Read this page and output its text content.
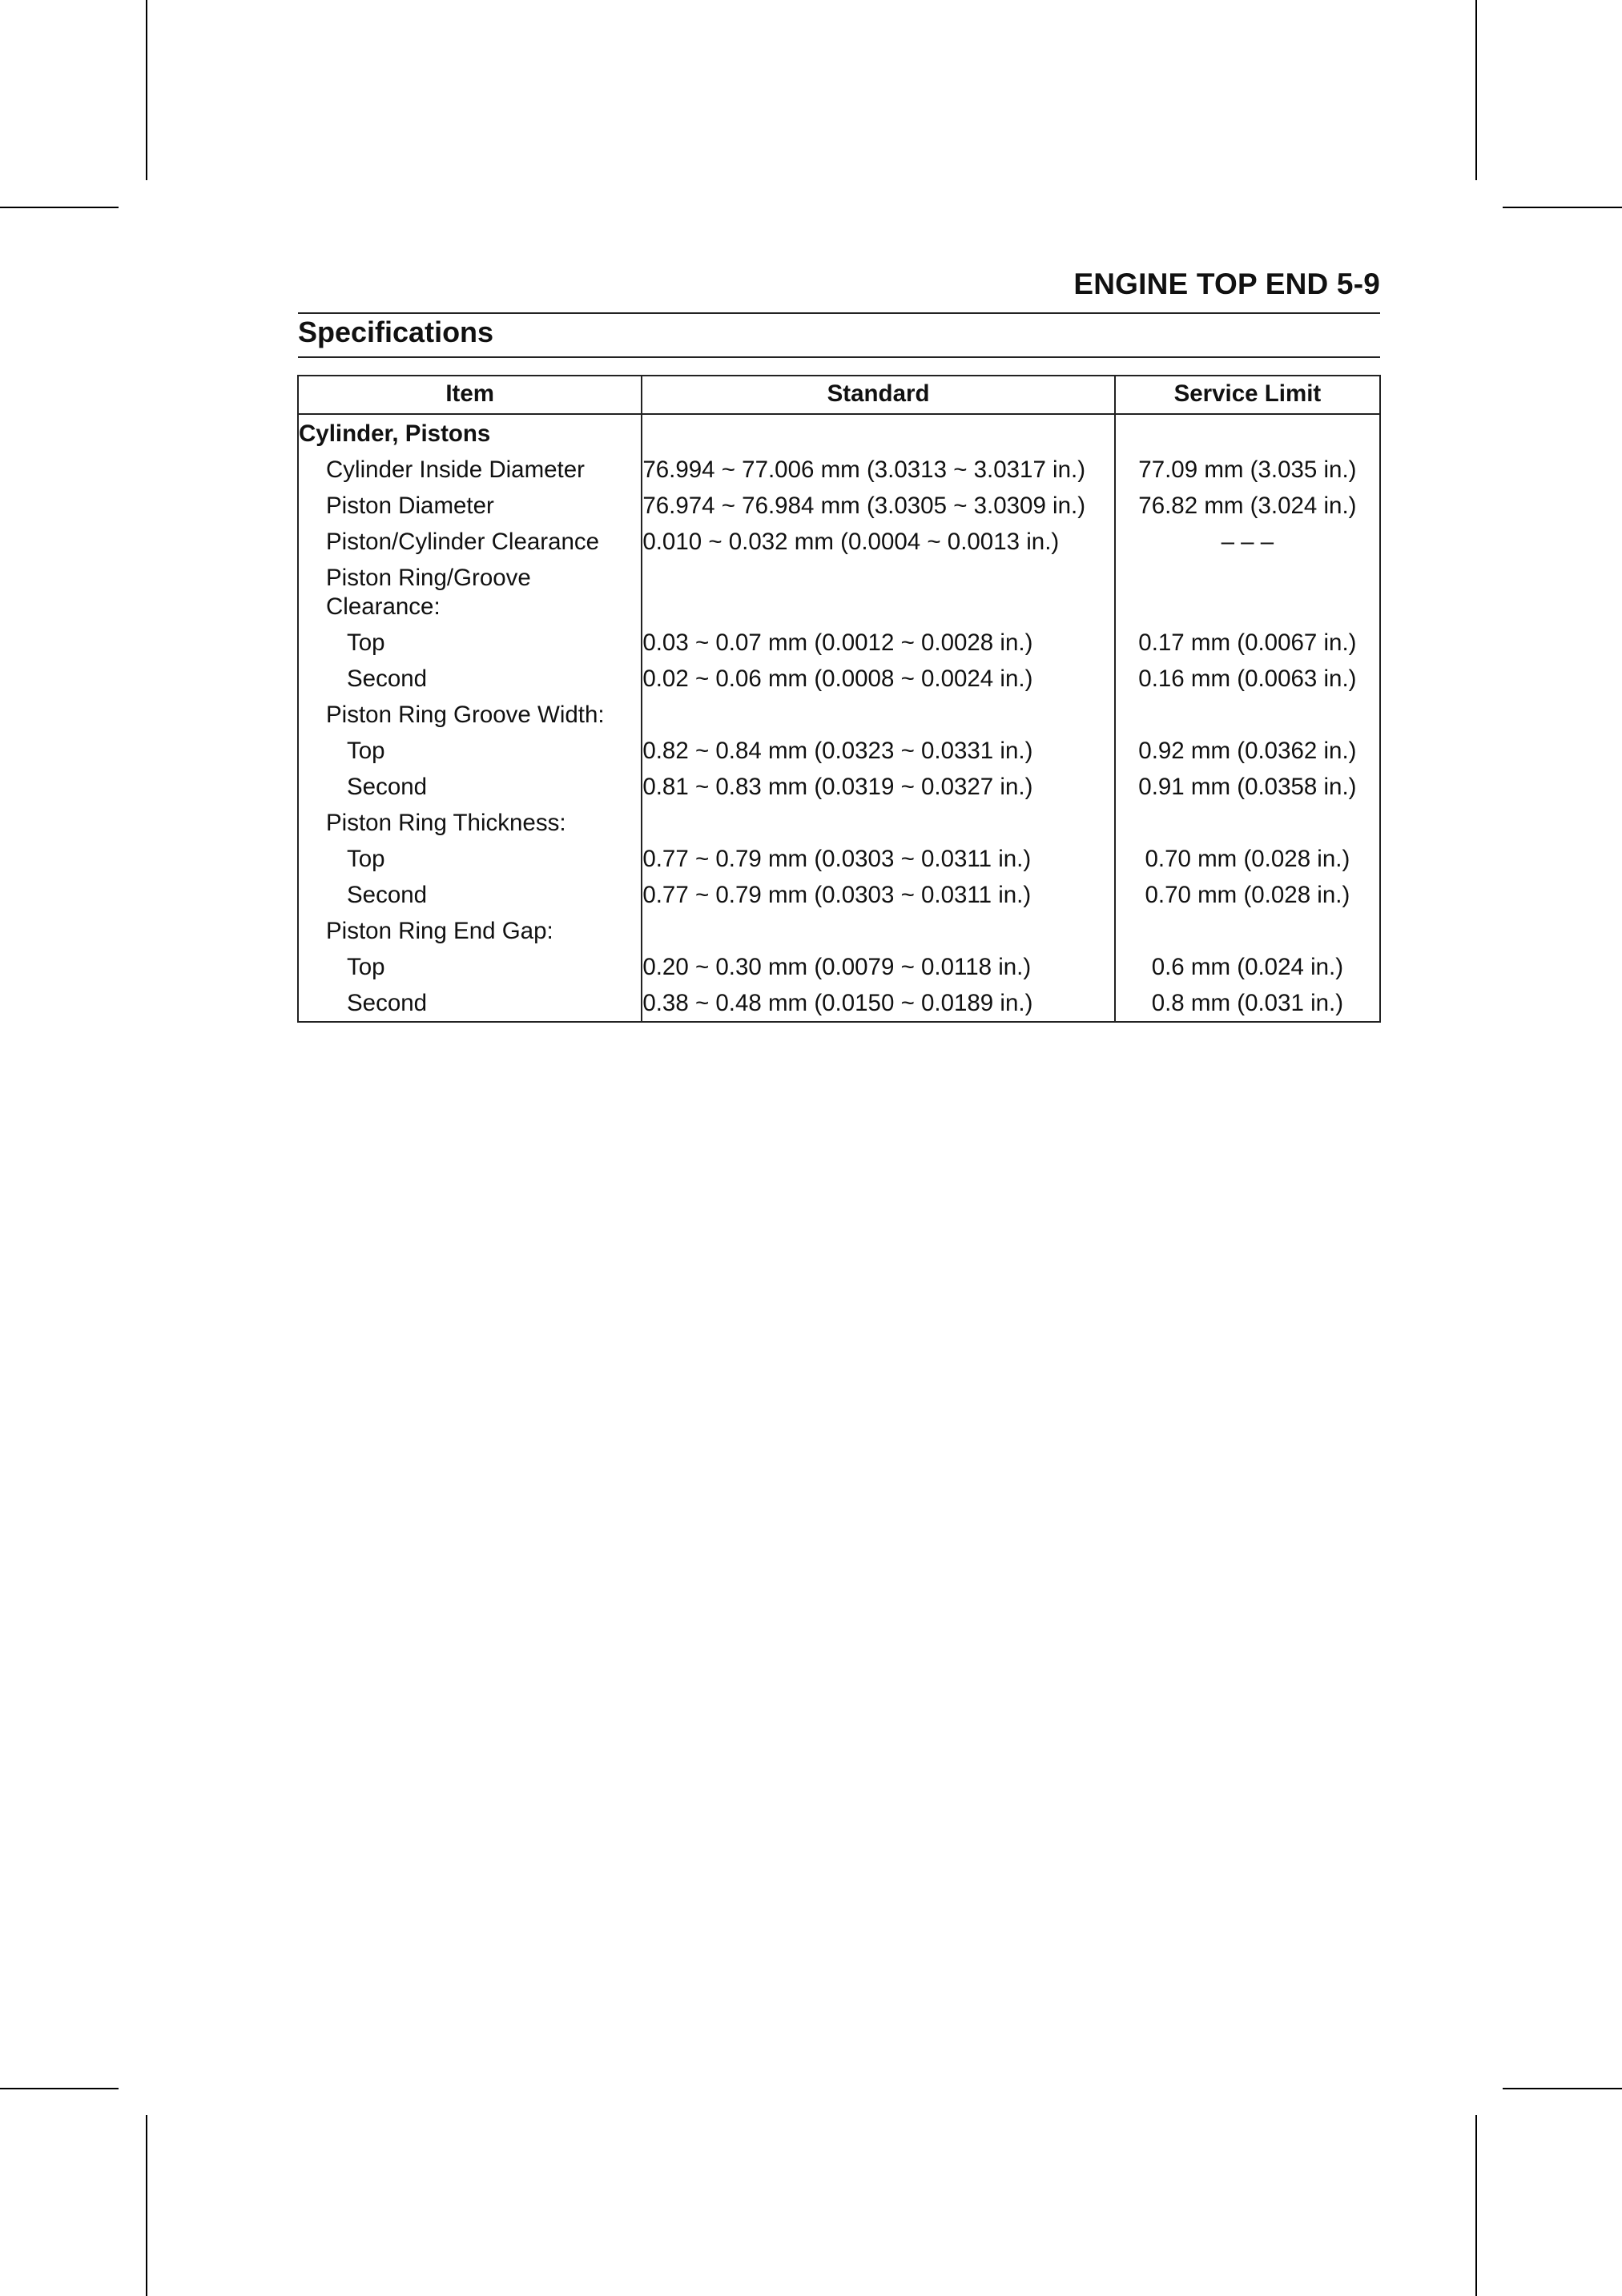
ENGINE TOP END 5-9
Specifications
Item	Standard	Service Limit
Cylinder, Pistons		
Cylinder Inside Diameter	76.994 ~ 77.006 mm (3.0313 ~ 3.0317 in.)	77.09 mm (3.035 in.)
Piston Diameter	76.974 ~ 76.984 mm (3.0305 ~ 3.0309 in.)	76.82 mm (3.024 in.)
Piston/Cylinder Clearance	0.010 ~ 0.032 mm (0.0004 ~ 0.0013 in.)	– – –
Piston Ring/Groove Clearance:		
Top	0.03 ~ 0.07 mm (0.0012 ~ 0.0028 in.)	0.17 mm (0.0067 in.)
Second	0.02 ~ 0.06 mm (0.0008 ~ 0.0024 in.)	0.16 mm (0.0063 in.)
Piston Ring Groove Width:		
Top	0.82 ~ 0.84 mm (0.0323 ~ 0.0331 in.)	0.92 mm (0.0362 in.)
Second	0.81 ~ 0.83 mm (0.0319 ~ 0.0327 in.)	0.91 mm (0.0358 in.)
Piston Ring Thickness:		
Top	0.77 ~ 0.79 mm (0.0303 ~ 0.0311 in.)	0.70 mm (0.028 in.)
Second	0.77 ~ 0.79 mm (0.0303 ~ 0.0311 in.)	0.70 mm (0.028 in.)
Piston Ring End Gap:		
Top	0.20 ~ 0.30 mm (0.0079 ~ 0.0118 in.)	0.6 mm (0.024 in.)
Second	0.38 ~ 0.48 mm (0.0150 ~ 0.0189 in.)	0.8 mm (0.031 in.)
